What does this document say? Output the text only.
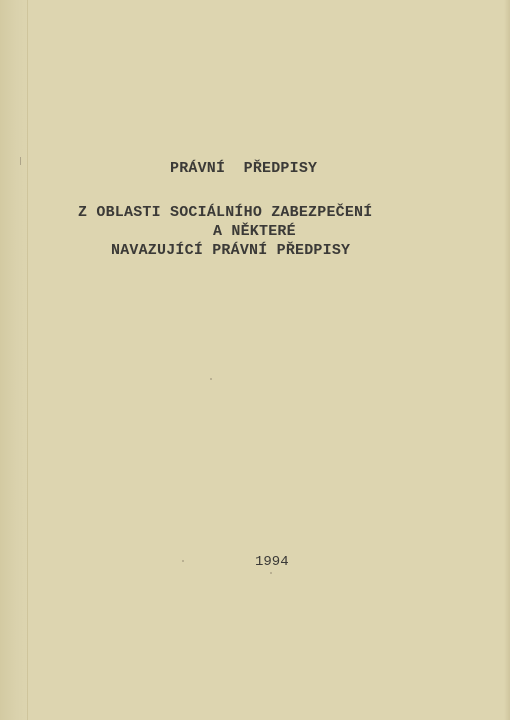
PRÁVNÍ  PŘEDPISY
Z OBLASTI SOCIÁLNÍHO ZABEZPEČENÍ
A NĚKTERÉ
NAVAZUJÍCÍ PRÁVNÍ PŘEDPISY
1994
